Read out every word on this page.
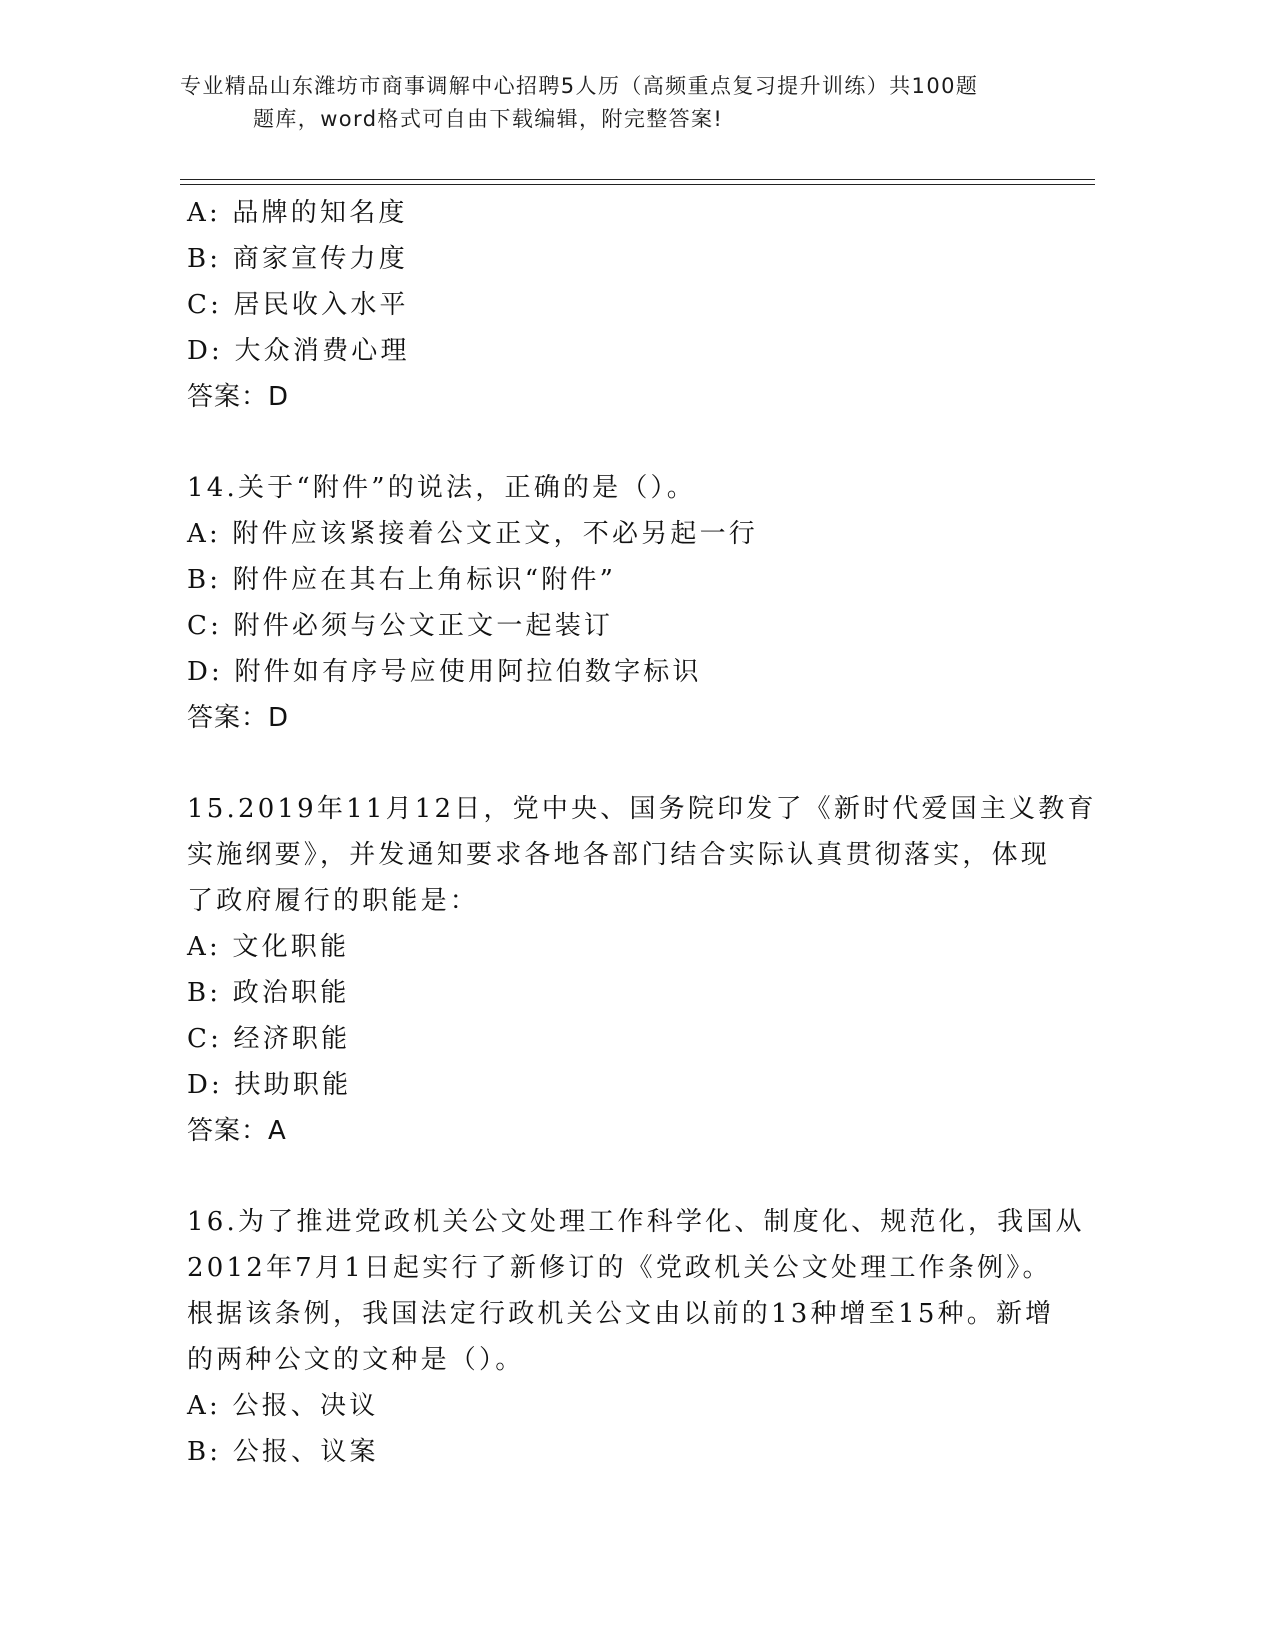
专业精品山东潍坊市商事调解中心招聘5人历（高频重点复习提升训练）共100题
题库，word格式可自由下载编辑，附完整答案!
A: 品牌的知名度
B: 商家宣传力度
C: 居民收入水平
D: 大众消费心理
答案：D
14.关于“附件”的说法，正确的是（）。
A: 附件应该紧接着公文正文，不必另起一行
B: 附件应在其右上角标识“附件”
C: 附件必须与公文正文一起装订
D: 附件如有序号应使用阿拉伯数字标识
答案：D
15.2019年11月12日，党中央、国务院印发了《新时代爱国主义教育
实施纲要》，并发通知要求各地各部门结合实际认真贯彻落实，体现
了政府履行的职能是：
A: 文化职能
B: 政治职能
C: 经济职能
D: 扶助职能
答案：A
16.为了推进党政机关公文处理工作科学化、制度化、规范化，我国从
2012年7月1日起实行了新修订的《党政机关公文处理工作条例》。
根据该条例，我国法定行政机关公文由以前的13种增至15种。新增
的两种公文的文种是（）。
A: 公报、决议
B: 公报、议案
